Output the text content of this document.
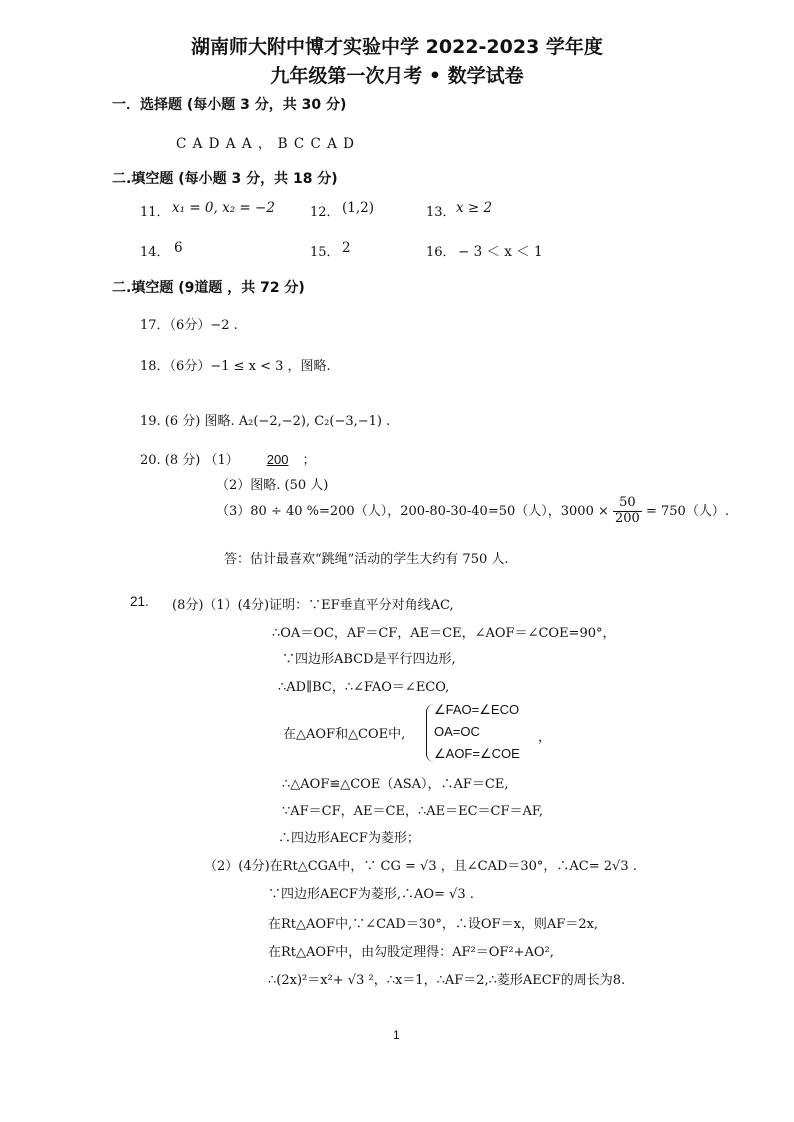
湖南师大附中博才实验中学 2022-2023 学年度
九年级第一次月考 • 数学试卷
一．选择题 (每小题 3 分，共 30 分)
C A D A A ， B C C A D
二.填空题 (每小题 3 分，共 18 分)
11． x₁ = 0, x₂ = −2	12． (1,2)	13． x ≥ 2
14． 6	15． 2	16． − 3 ＜ x ＜ 1
二.填空题 (9道题 ，共 72 分)
17．（6分）−2 .
18．（6分）−1 ≤ x < 3 ，图略.
19. (6 分) 图略. A₂(−2,−2), C₂(−3,−1) .
20. (8 分) （1） 200 ；
（2）图略. (50 人)
（3）80 ÷ 40 %=200（人），200-80-30-40=50（人），$3000 \times \frac{50}{200} = 750$（人）.
答：估计最喜欢“跳绳”活动的学生大约有 750 人.
21. (8分)（1）(4分)证明：∵EF垂直平分对角线AC,
∴OA＝OC，AF＝CF，AE＝CE，∠AOF＝∠COE=90°，
∵四边形ABCD是平行四边形,
∴AD∥BC，∴∠FAO＝∠ECO,
在△AOF和△COE中,
∠FAO=∠ECO
OA=OC
∠AOF=∠COE
，
∴△AOF≌△COE（ASA），∴AF＝CE,
∵AF＝CF，AE＝CE，∴AE＝EC＝CF＝AF,
∴四边形AECF为菱形；
（2）(4分)在Rt△CGA中，∵ CG = √3 ，且∠CAD＝30°，∴AC= 2√3 .
∵四边形AECF为菱形,∴AO= √3 .
在Rt△AOF中,∵∠CAD＝30°，∴设OF＝x，则AF＝2x,
在Rt△AOF中，由勾股定理得：AF²＝OF²+AO²,
∴(2x)²＝x²+ √3 ²，∴x＝1，∴AF＝2,∴菱形AECF的周长为8.
1
